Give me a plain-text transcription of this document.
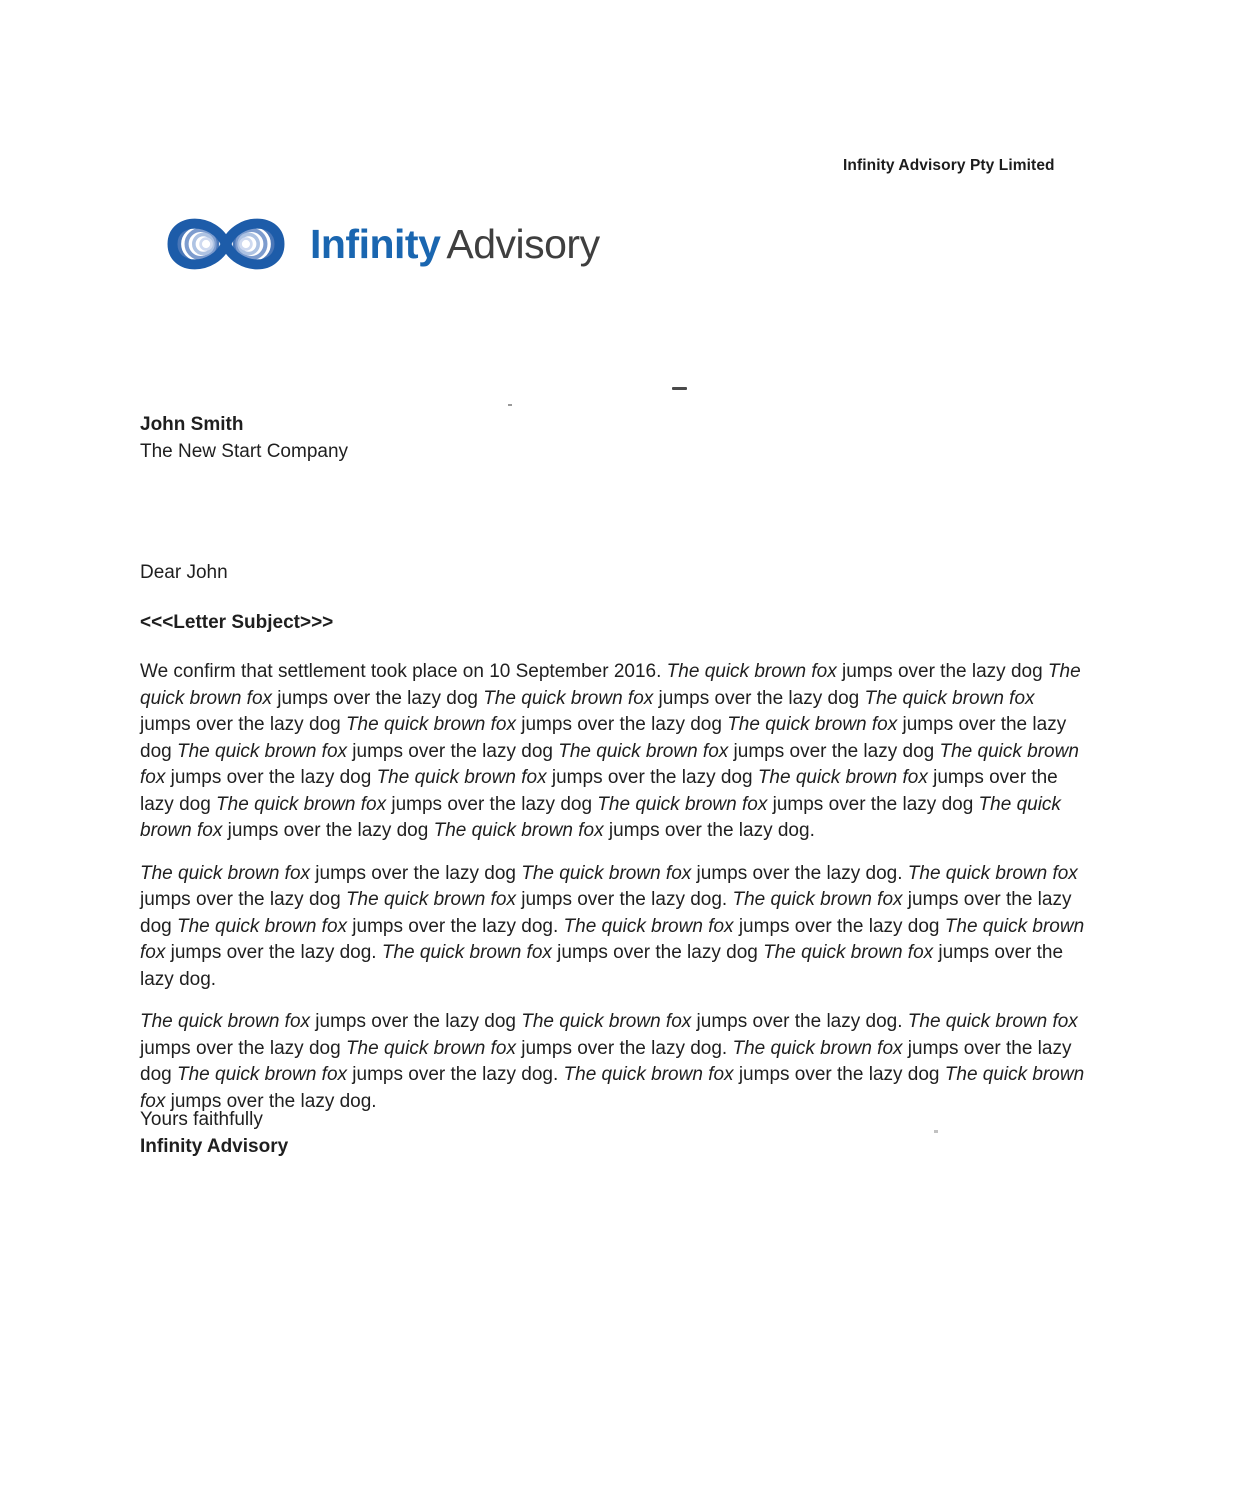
Infinity Advisory Pty Limited
Infinity Advisory
John Smith
The New Start Company
Dear John
<<<Letter Subject>>>

We confirm that settlement took place on 10 September 2016. The quick brown fox jumps over the lazy dog The quick brown fox jumps over the lazy dog The quick brown fox jumps over the lazy dog The quick brown fox jumps over the lazy dog The quick brown fox jumps over the lazy dog The quick brown fox jumps over the lazy dog The quick brown fox jumps over the lazy dog The quick brown fox jumps over the lazy dog The quick brown fox jumps over the lazy dog The quick brown fox jumps over the lazy dog The quick brown fox jumps over the lazy dog The quick brown fox jumps over the lazy dog The quick brown fox jumps over the lazy dog The quick brown fox jumps over the lazy dog The quick brown fox jumps over the lazy dog.

The quick brown fox jumps over the lazy dog The quick brown fox jumps over the lazy dog. The quick brown fox jumps over the lazy dog The quick brown fox jumps over the lazy dog. The quick brown fox jumps over the lazy dog The quick brown fox jumps over the lazy dog. The quick brown fox jumps over the lazy dog The quick brown fox jumps over the lazy dog. The quick brown fox jumps over the lazy dog The quick brown fox jumps over the lazy dog.

The quick brown fox jumps over the lazy dog The quick brown fox jumps over the lazy dog. The quick brown fox jumps over the lazy dog The quick brown fox jumps over the lazy dog. The quick brown fox jumps over the lazy dog The quick brown fox jumps over the lazy dog. The quick brown fox jumps over the lazy dog The quick brown fox jumps over the lazy dog.

Yours faithfully
Infinity Advisory
